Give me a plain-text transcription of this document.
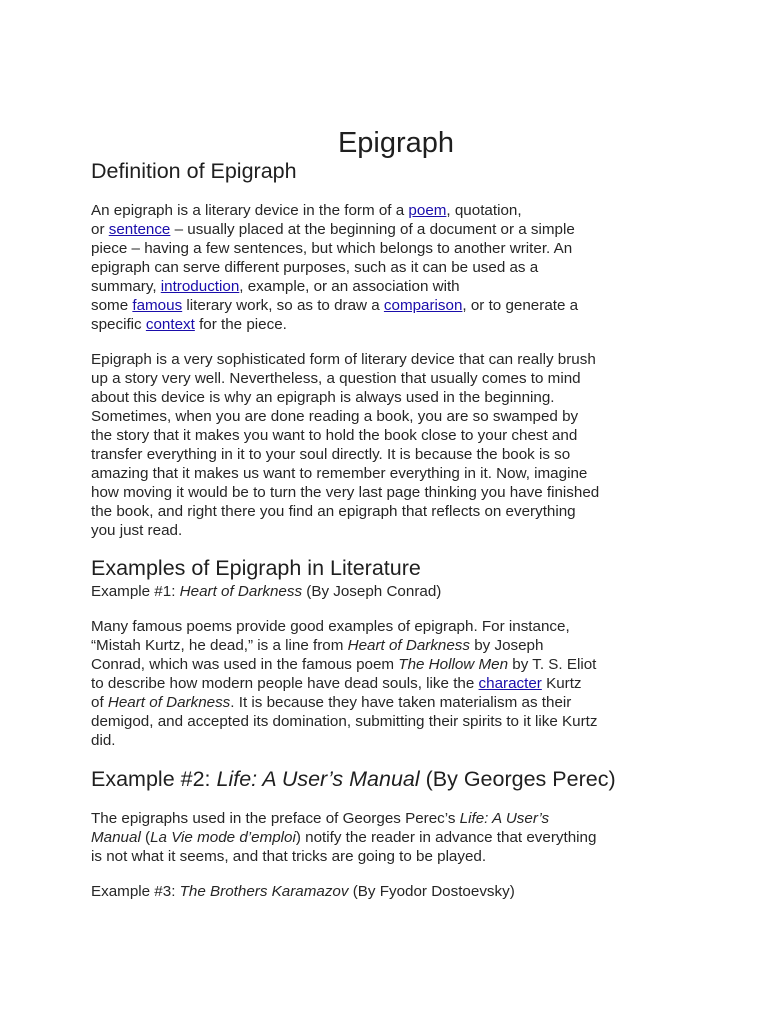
Epigraph
Definition of Epigraph

An epigraph is a literary device in the form of a poem, quotation,
or sentence – usually placed at the beginning of a document or a simple
piece – having a few sentences, but which belongs to another writer. An
epigraph can serve different purposes, such as it can be used as a
summary, introduction, example, or an association with
some famous literary work, so as to draw a comparison, or to generate a
specific context for the piece.

Epigraph is a very sophisticated form of literary device that can really brush
up a story very well. Nevertheless, a question that usually comes to mind
about this device is why an epigraph is always used in the beginning.
Sometimes, when you are done reading a book, you are so swamped by
the story that it makes you want to hold the book close to your chest and
transfer everything in it to your soul directly. It is because the book is so
amazing that it makes us want to remember everything in it. Now, imagine
how moving it would be to turn the very last page thinking you have finished
the book, and right there you find an epigraph that reflects on everything
you just read.

Examples of Epigraph in Literature

Example #1: Heart of Darkness (By Joseph Conrad)

Many famous poems provide good examples of epigraph. For instance,
“Mistah Kurtz, he dead,” is a line from Heart of Darkness by Joseph
Conrad, which was used in the famous poem The Hollow Men by T. S. Eliot
to describe how modern people have dead souls, like the character Kurtz
of Heart of Darkness. It is because they have taken materialism as their
demigod, and accepted its domination, submitting their spirits to it like Kurtz
did.

Example #2: Life: A User’s Manual (By Georges Perec)

The epigraphs used in the preface of Georges Perec’s Life: A User’s
Manual (La Vie mode d’emploi) notify the reader in advance that everything
is not what it seems, and that tricks are going to be played.

Example #3: The Brothers Karamazov (By Fyodor Dostoevsky)
